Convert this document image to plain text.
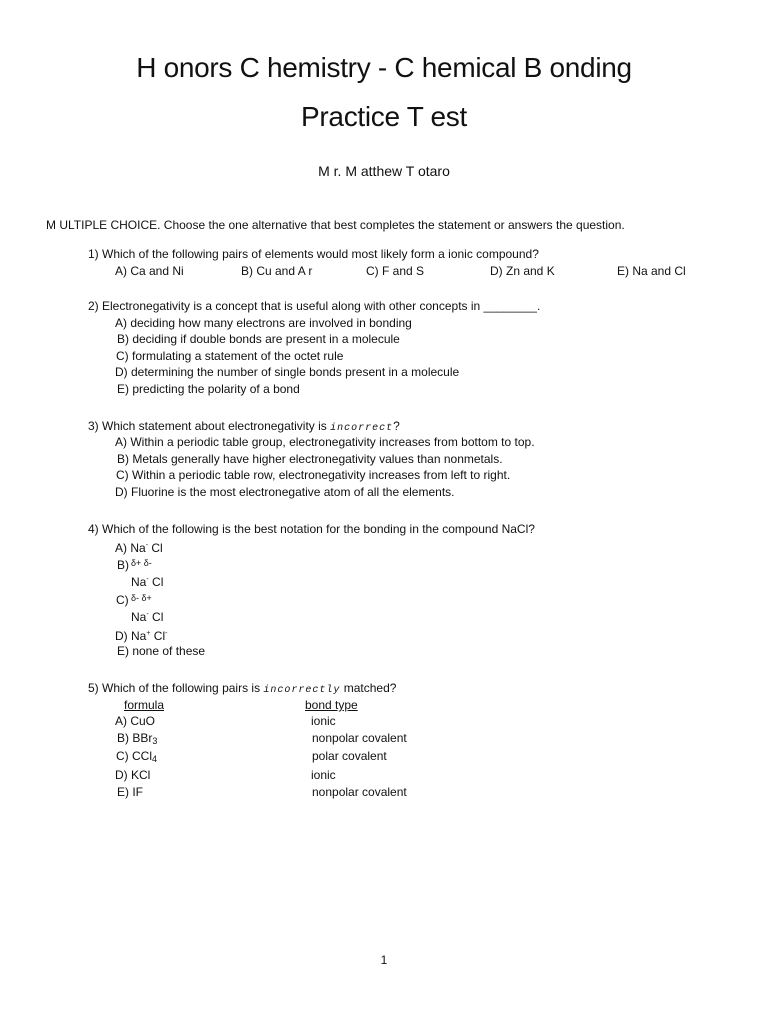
H onors C hemistry - C hemical B onding
Practice T est
M r. M atthew T otaro
M ULTIPLE CHOICE. Choose the one alternative that best completes the statement or answers the question.
1) Which of the following pairs of elements would most likely form a ionic compound?
A) Ca and Ni	B) Cu and A r	C) F and S	D) Zn and K	E) Na and Cl
2) Electronegativity is a concept that is useful along with other concepts in ________.
A) deciding how many electrons are involved in bonding
B) deciding if double bonds are present in a molecule
C) formulating a statement of the octet rule
D) determining the number of single bonds present in a molecule
E) predicting the polarity of a bond
3) Which statement about electronegativity is incorrect?
A) Within a periodic table group, electronegativity increases from bottom to top.
B) Metals generally have higher electronegativity values than nonmetals.
C) Within a periodic table row, electronegativity increases from left to right.
D) Fluorine is the most electronegative atom of all the elements.
4) Which of the following is the best notation for the bonding in the compound NaCl?
A) Na- Cl
B) δ+ δ-
Na- Cl
C) δ- δ+
Na- Cl
D) Na+ Cl-
E) none of these
5) Which of the following pairs is incorrectly matched?
formula	bond type
A) CuO	ionic
B) BBr$_3$	nonpolar covalent
C) CCl$_4$	polar covalent
D) KCl	ionic
E) IF	nonpolar covalent
1
